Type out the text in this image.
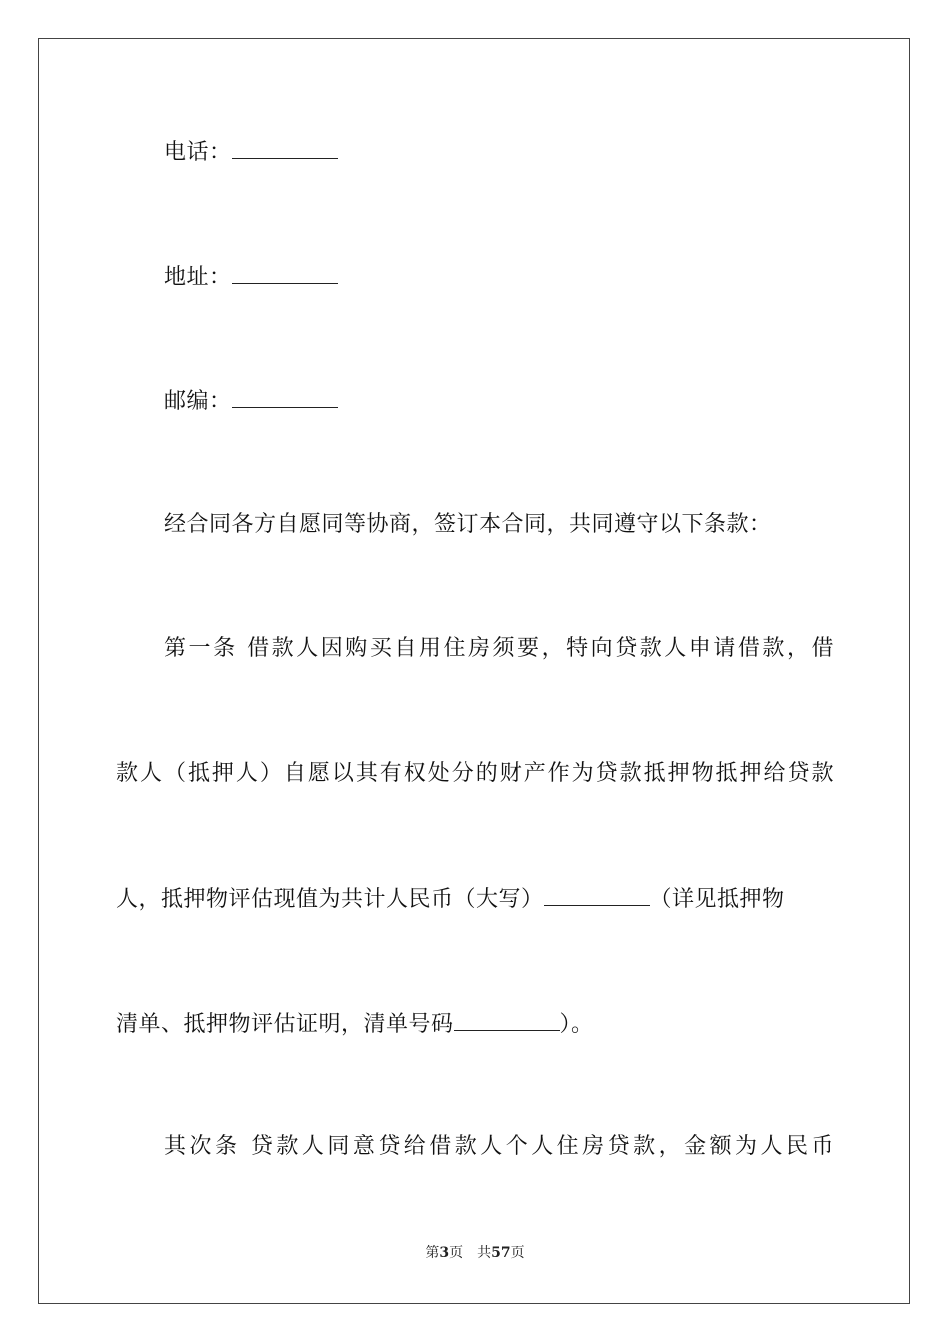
电话：
地址：
邮编：
经合同各方自愿同等协商，签订本合同，共同遵守以下条款：
第一条 借款人因购买自用住房须要，特向贷款人申请借款，借
款人（抵押人）自愿以其有权处分的财产作为贷款抵押物抵押给贷款
人，抵押物评估现值为共计人民币（大写）	（详见抵押物
清单、抵押物评估证明，清单号码	）。
其次条 贷款人同意贷给借款人个人住房贷款，金额为人民币
第3页 共57页
